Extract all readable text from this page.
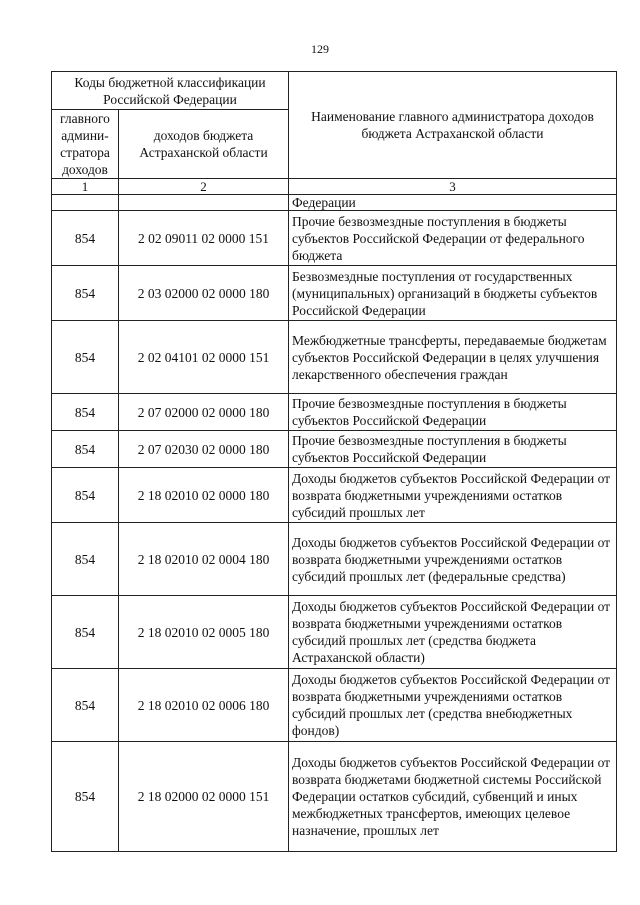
129
Коды бюджетной классификации Российской Федерации		Наименование главного администратора доходов бюджета Астраханской области
главного админи-стратора доходов	доходов бюджета Астраханской области	
1	2	3
		Федерации
854	2 02 09011 02 0000 151	Прочие безвозмездные поступления в бюджеты субъектов Российской Федерации от федерального бюджета
854	2 03 02000 02 0000 180	Безвозмездные поступления от государственных (муниципальных) организаций в бюджеты субъектов Российской Федерации
854	2 02 04101 02 0000 151	Межбюджетные трансферты, передаваемые бюджетам субъектов Российской Федерации в целях улучшения лекарственного обеспечения граждан
854	2 07 02000 02 0000 180	Прочие безвозмездные поступления в бюджеты субъектов Российской Федерации
854	2 07 02030 02 0000 180	Прочие безвозмездные поступления в бюджеты субъектов Российской Федерации
854	2 18 02010 02 0000 180	Доходы бюджетов субъектов Российской Федерации от возврата бюджетными учреждениями остатков субсидий прошлых лет
854	2 18 02010 02 0004 180	Доходы бюджетов субъектов Российской Федерации от возврата бюджетными учреждениями остатков субсидий прошлых лет (федеральные средства)
854	2 18 02010 02 0005 180	Доходы бюджетов субъектов Российской Федерации от возврата бюджетными учреждениями остатков субсидий прошлых лет (средства бюджета Астраханской области)
854	2 18 02010 02 0006 180	Доходы бюджетов субъектов Российской Федерации от возврата бюджетными учреждениями остатков субсидий прошлых лет (средства внебюджетных фондов)
854	2 18 02000 02 0000 151	Доходы бюджетов субъектов Российской Федерации от возврата бюджетами бюджетной системы Российской Федерации остатков субсидий, субвенций и иных межбюджетных трансфертов, имеющих целевое назначение, прошлых лет
